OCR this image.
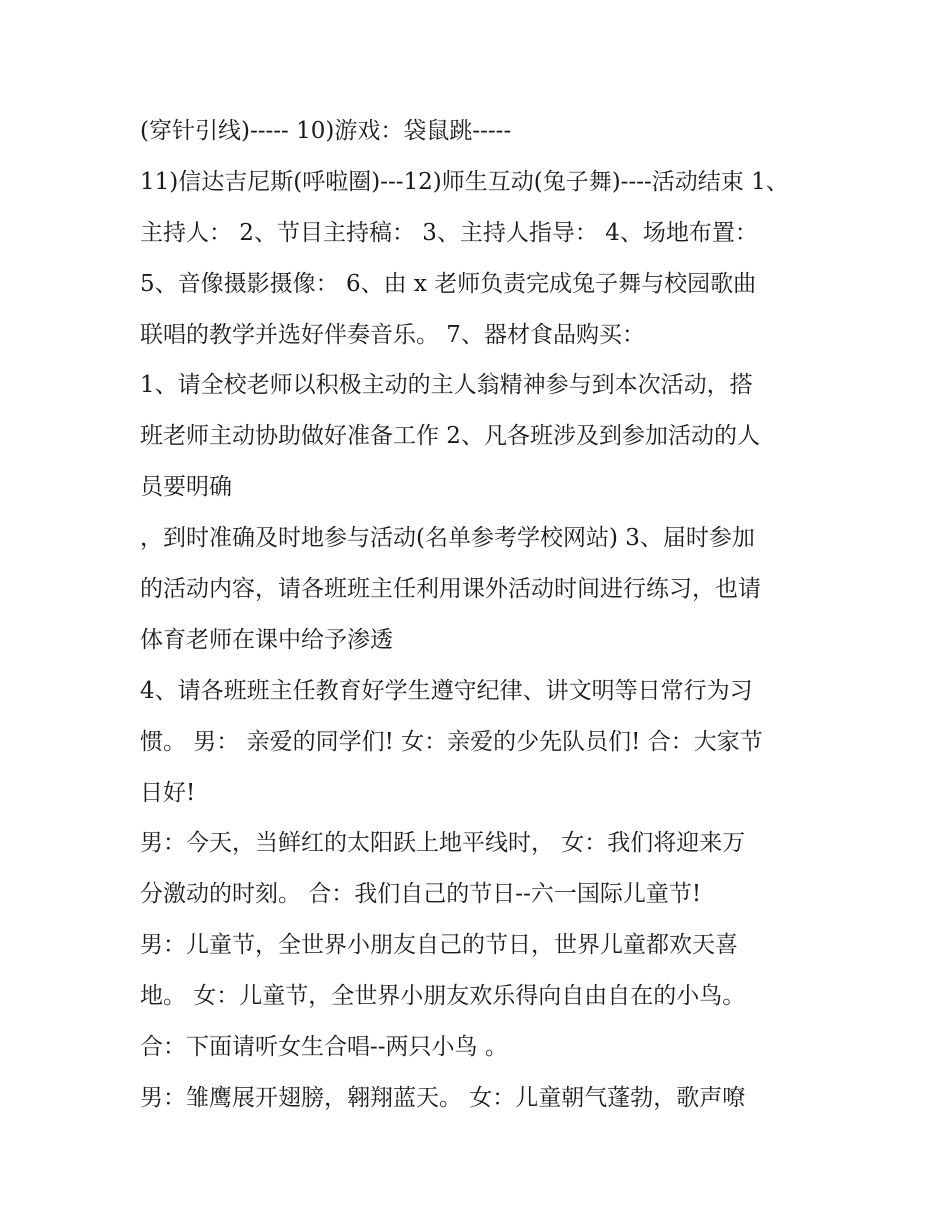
(穿针引线)----- 10)游戏：袋鼠跳-----
11)信达吉尼斯(呼啦圈)---12)师生互动(兔子舞)----活动结束 1、
主持人： 2、节目主持稿： 3、主持人指导： 4、场地布置：
5、音像摄影摄像： 6、由 x 老师负责完成兔子舞与校园歌曲
联唱的教学并选好伴奏音乐。 7、器材食品购买：
1、请全校老师以积极主动的主人翁精神参与到本次活动，搭
班老师主动协助做好准备工作 2、凡各班涉及到参加活动的人
员要明确
，到时准确及时地参与活动(名单参考学校网站) 3、届时参加
的活动内容，请各班班主任利用课外活动时间进行练习，也请
体育老师在课中给予渗透
4、请各班班主任教育好学生遵守纪律、讲文明等日常行为习
惯。 男： 亲爱的同学们! 女：亲爱的少先队员们! 合：大家节
日好!
男：今天，当鲜红的太阳跃上地平线时， 女：我们将迎来万
分激动的时刻。 合：我们自己的节日--六一国际儿童节!
男：儿童节，全世界小朋友自己的节日，世界儿童都欢天喜
地。 女：儿童节，全世界小朋友欢乐得向自由自在的小鸟。
合：下面请听女生合唱--两只小鸟 。
男：雏鹰展开翅膀，翱翔蓝天。 女：儿童朝气蓬勃，歌声嘹
